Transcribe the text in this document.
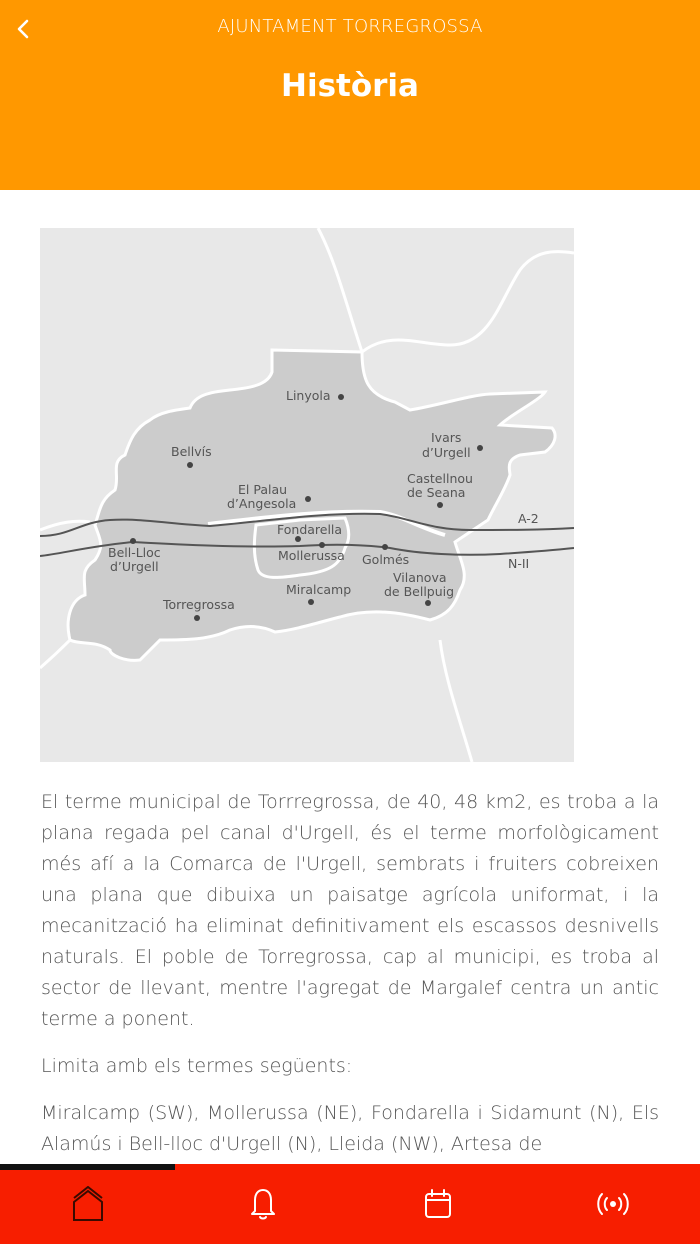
AJUNTAMENT TORREGROSSA
Història
Linyola
Bellvís
Ivars
d’Urgell
Castellnou
de Seana
El Palau
d’Angesola
Fondarella
Mollerussa Golmés
Bell-Lloc
d’Urgell
Vilanova
de Bellpuig
Miralcamp
Torregrossa
A-2
N-II

El terme municipal de Torrregrossa, de 40, 48 km2, es troba a la plana regada pel canal d'Urgell, és el terme morfològicament més afí a la Comarca de l'Urgell, sembrats i fruiters cobreixen una plana que dibuixa un paisatge agrícola uniformat, i la mecanització ha eliminat definitivament els escassos desnivells naturals. El poble de Torregrossa, cap al municipi, es troba al sector de llevant, mentre l'agregat de Margalef centra un antic terme a ponent.

Limita amb els termes següents:

Miralcamp (SW), Mollerussa (NE), Fondarella i Sidamunt (N), Els Alamús i Bell-lloc d'Urgell (N), Lleida (NW), Artesa de
